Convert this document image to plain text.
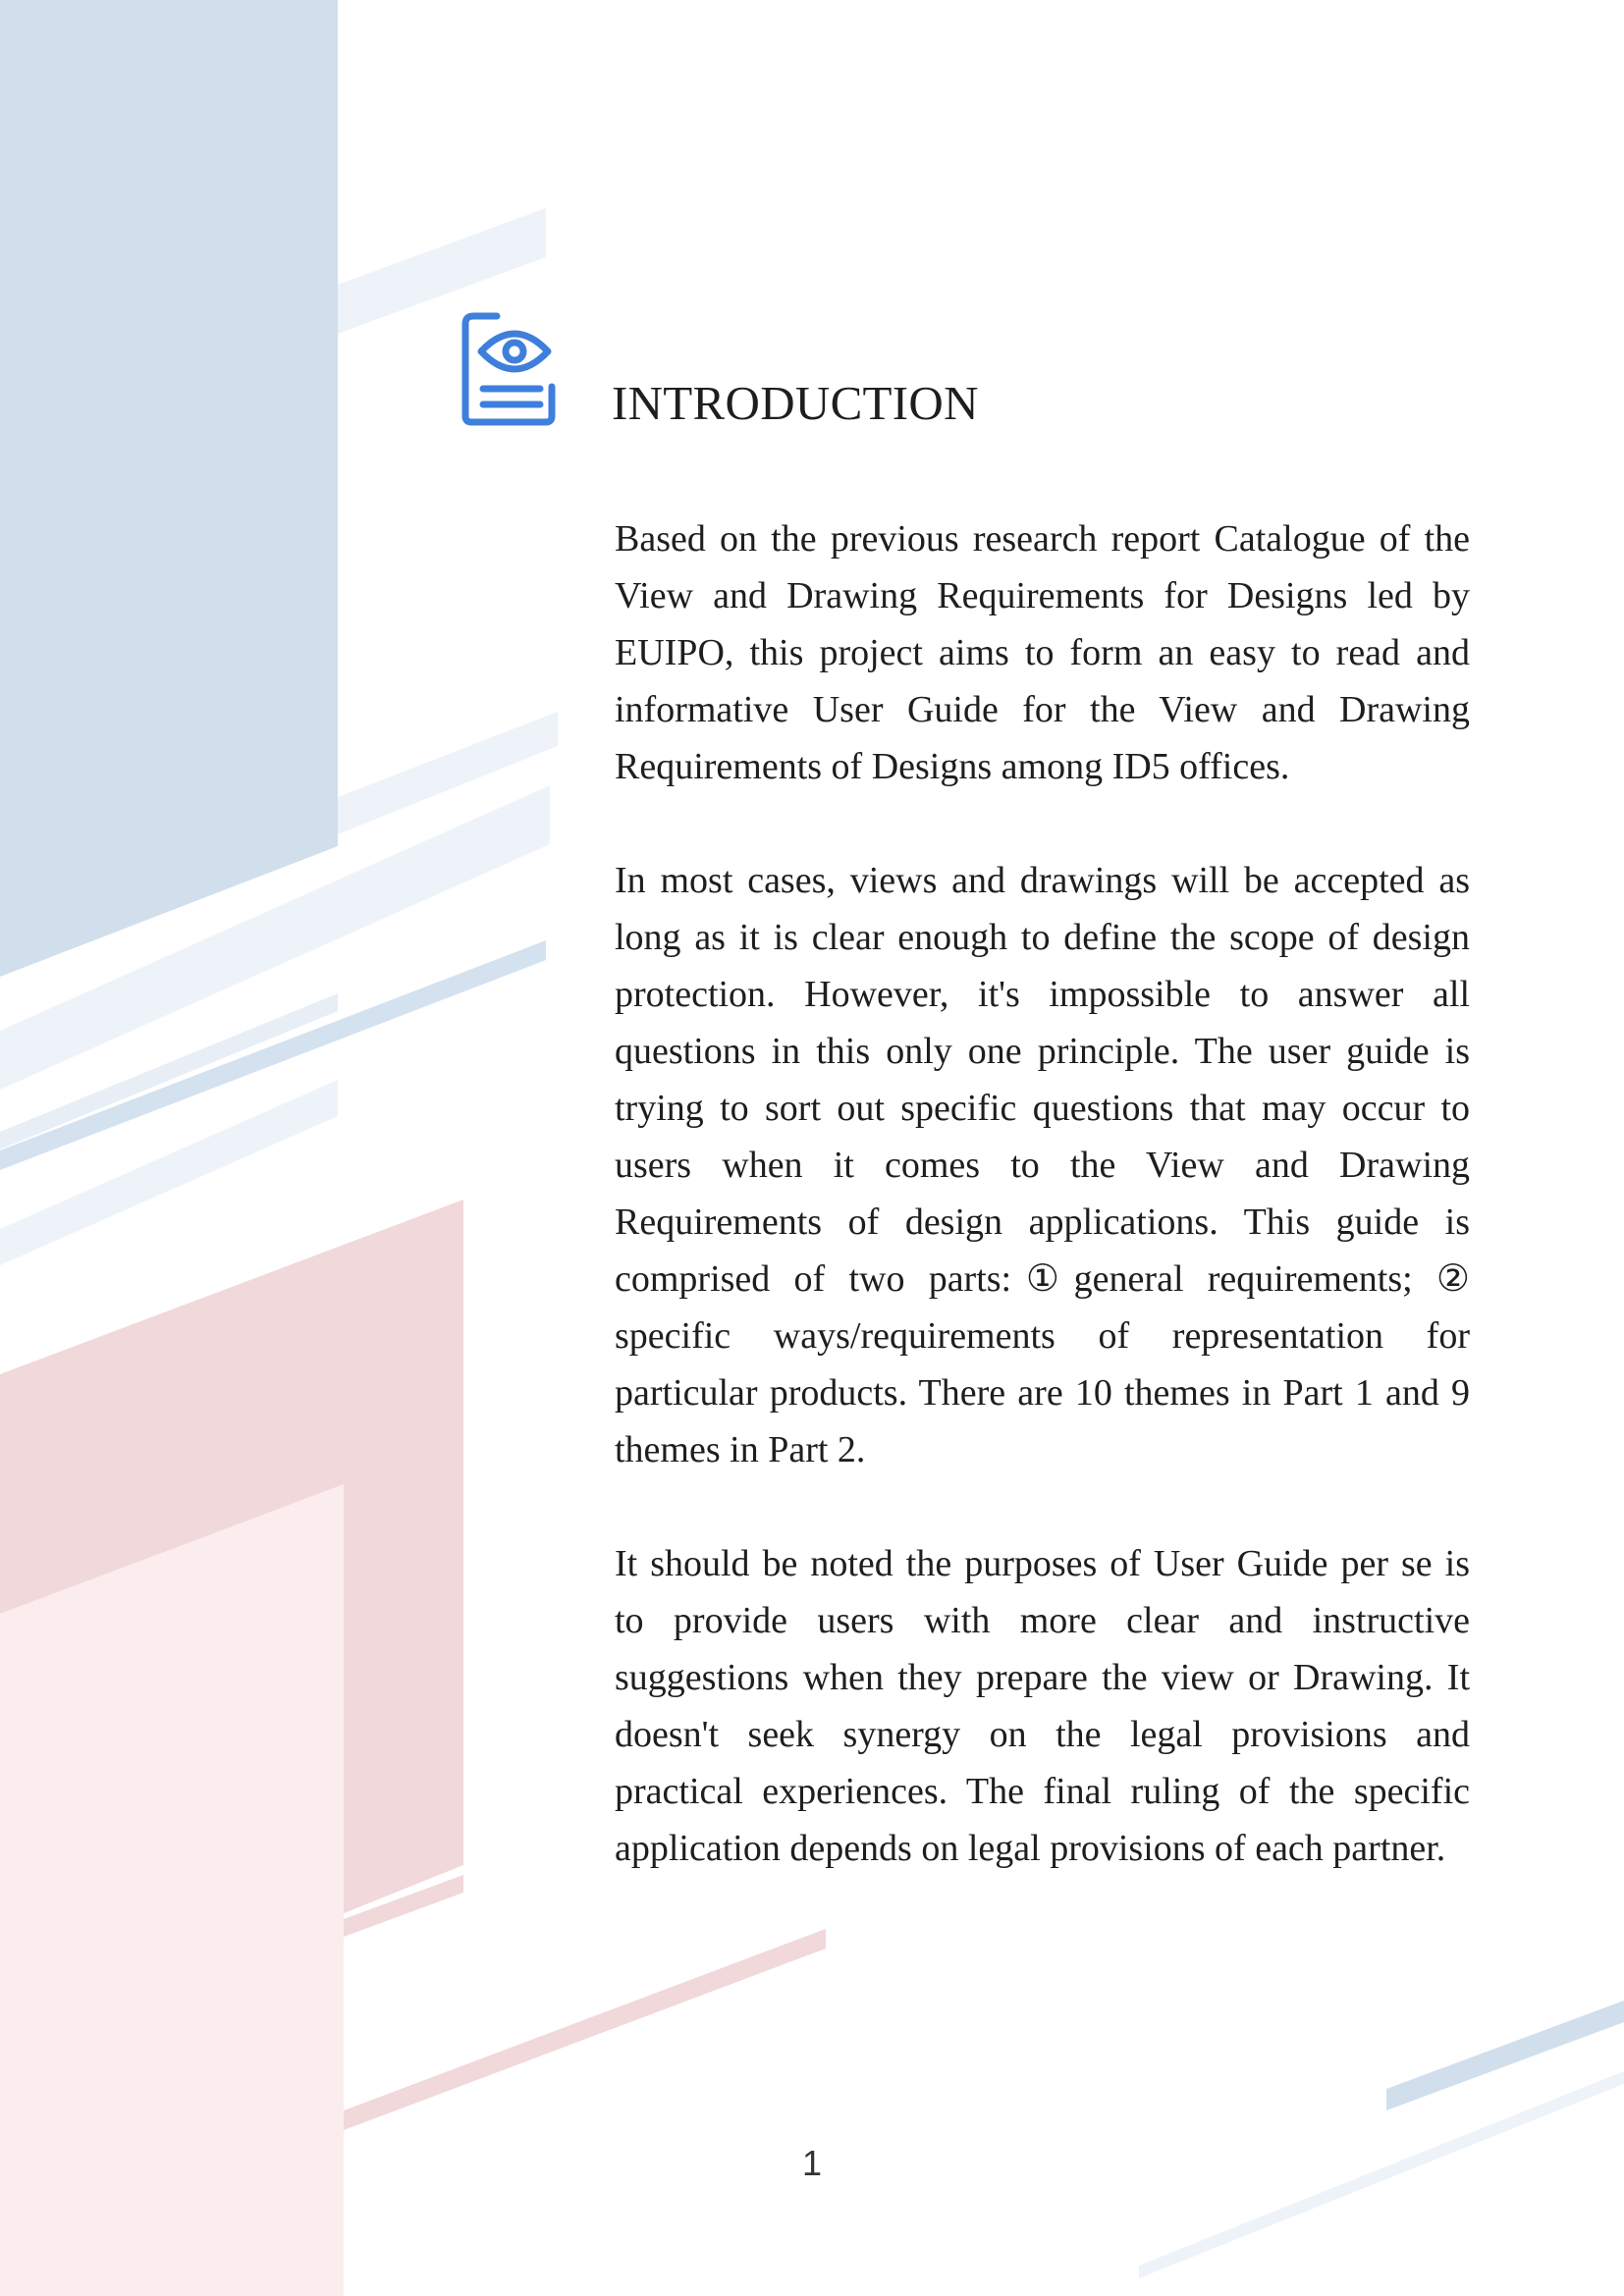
INTRODUCTION

Based on the previous research report Catalogue of the View and Drawing Requirements for Designs led by EUIPO, this project aims to form an easy to read and informative User Guide for the View and Drawing Requirements of Designs among ID5 offices.

In most cases, views and drawings will be accepted as long as it is clear enough to define the scope of design protection. However, it's impossible to answer all questions in this only one principle. The user guide is trying to sort out specific questions that may occur to users when it comes to the View and Drawing Requirements of design applications. This guide is comprised of two parts:①general requirements; ② specific ways/requirements of representation for particular products. There are 10 themes in Part 1 and 9 themes in Part 2.

It should be noted the purposes of User Guide per se is to provide users with more clear and instructive suggestions when they prepare the view or Drawing. It doesn't seek synergy on the legal provisions and practical experiences. The final ruling of the specific application depends on legal provisions of each partner.

1
